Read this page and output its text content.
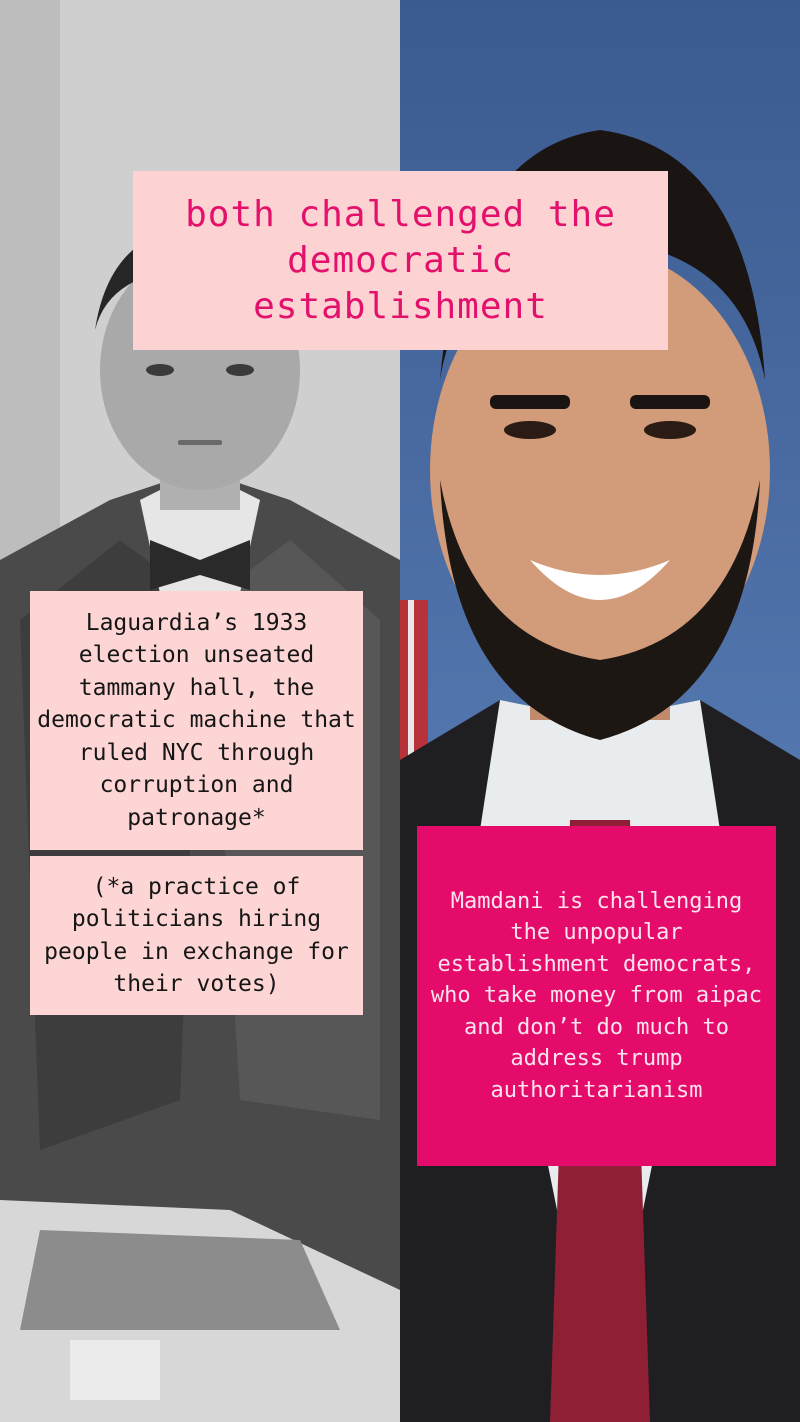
both challenged the democratic establishment
Laguardia’s 1933 election unseated tammany hall, the democratic machine that ruled NYC through corruption and patronage*
(*a practice of politicians hiring people in exchange for their votes)
Mamdani is challenging the unpopular establishment democrats,
who take money from aipac and don’t do much to address trump authoritarianism
